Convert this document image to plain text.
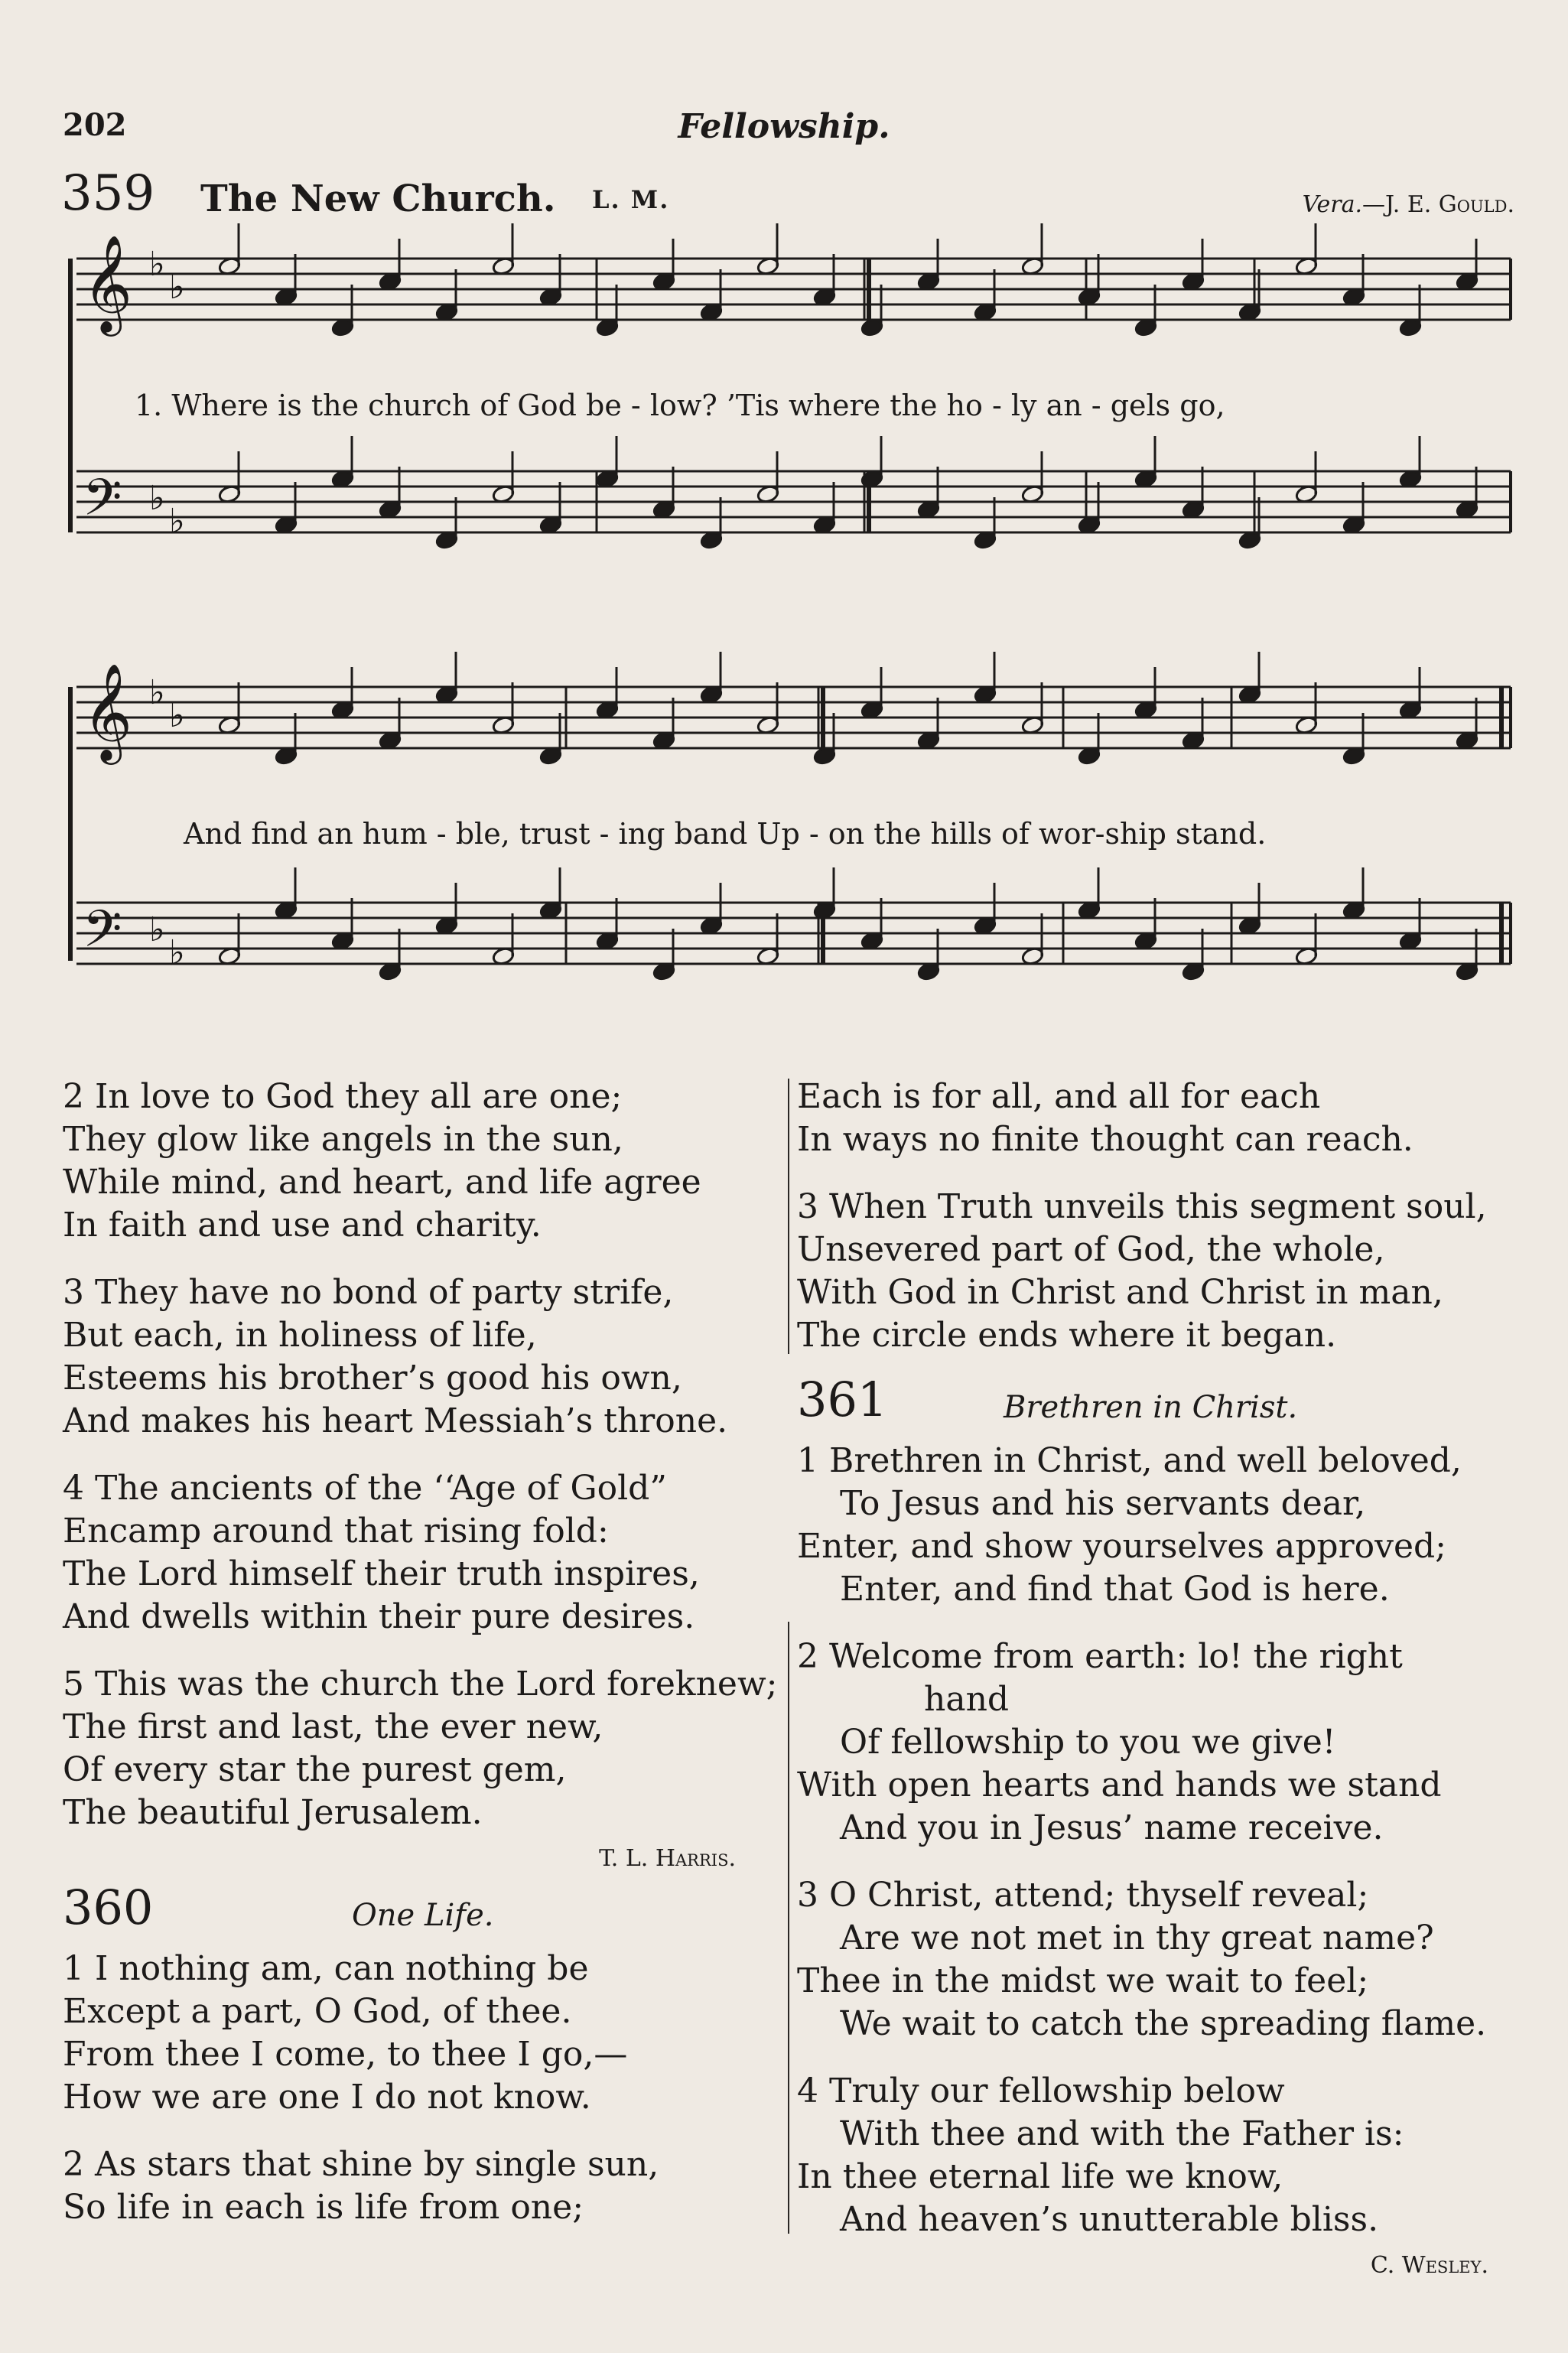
202	Fellowship.
359 The New Church. L. M.	Vera.—J. E. Gould.
𝄞 ♭
♭
𝄢 ♭
♭
𝄞 ♭
♭
𝄢 ♭
♭
1. Where is the church of God be - low? ’Tis where the ho - ly an - gels go,
And find an hum - ble, trust - ing band Up - on the hills of wor-ship stand.
2 In love to God they all are one;
They glow like angels in the sun,
While mind, and heart, and life agree
In faith and use and charity.
3 They have no bond of party strife,
But each, in holiness of life,
Esteems his brother’s good his own,
And makes his heart Messiah’s throne.
4 The ancients of the ‘‘Age of Gold”
Encamp around that rising fold:
The Lord himself their truth inspires,
And dwells within their pure desires.
5 This was the church the Lord foreknew;
The first and last, the ever new,
Of every star the purest gem,
The beautiful Jerusalem.
T. L. Harris.
360	One Life.
1 I nothing am, can nothing be
Except a part, O God, of thee.
From thee I come, to thee I go,—
How we are one I do not know.
2 As stars that shine by single sun,
So life in each is life from one;
Each is for all, and all for each
In ways no finite thought can reach.
3 When Truth unveils this segment soul,
Unsevered part of God, the whole,
With God in Christ and Christ in man,
The circle ends where it began.
361	Brethren in Christ.
1 Brethren in Christ, and well beloved,
To Jesus and his servants dear,
Enter, and show yourselves approved;
Enter, and find that God is here.
2 Welcome from earth: lo! the right
hand
Of fellowship to you we give!
With open hearts and hands we stand
And you in Jesus’ name receive.
3 O Christ, attend; thyself reveal;
Are we not met in thy great name?
Thee in the midst we wait to feel;
We wait to catch the spreading flame.
4 Truly our fellowship below
With thee and with the Father is:
In thee eternal life we know,
And heaven’s unutterable bliss.
C. Wesley.
